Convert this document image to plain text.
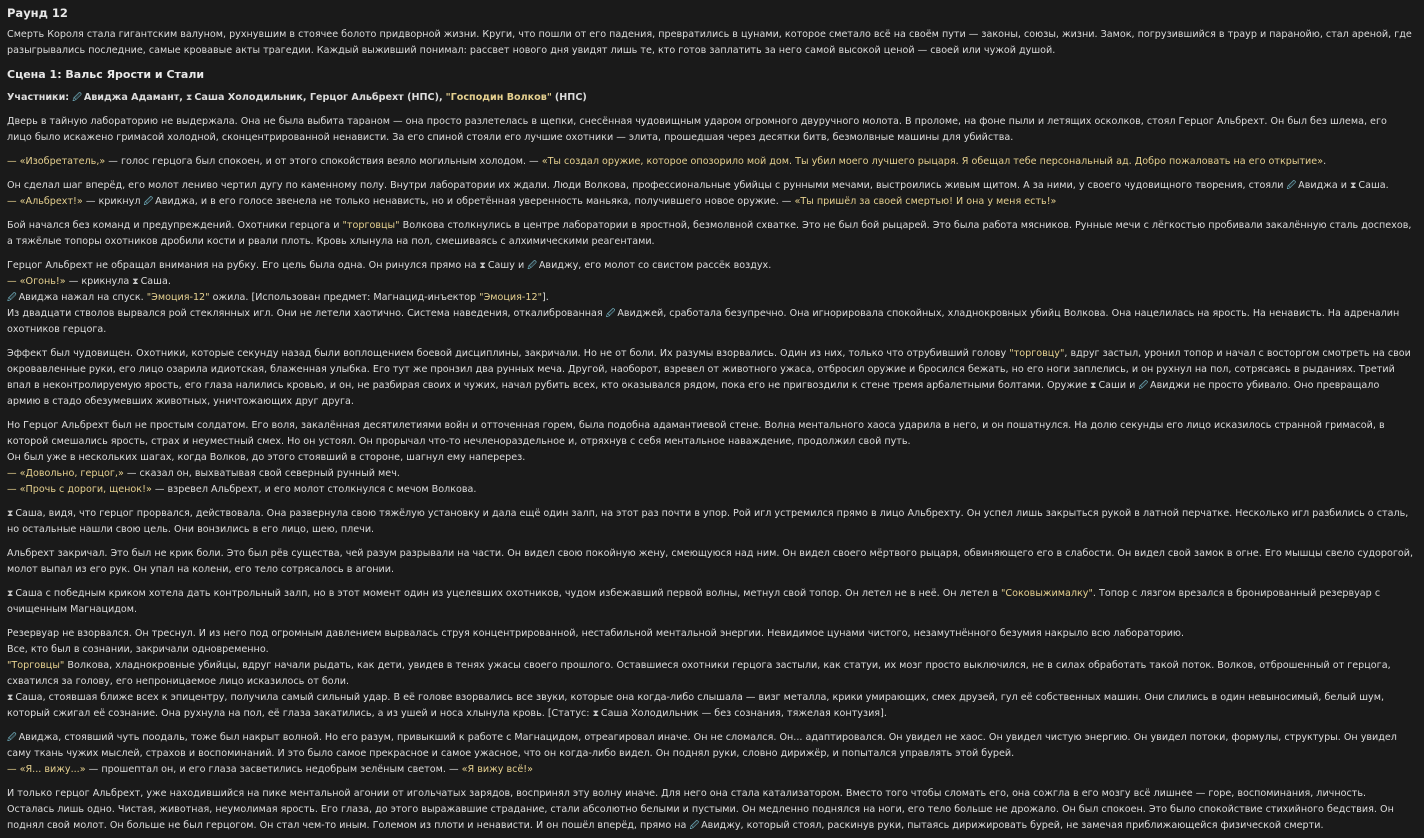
Раунд 12

Смерть Короля стала гигантским валуном, рухнувшим в стоячее болото придворной жизни. Круги, что пошли от его падения, превратились в цунами, которое сметало всё на своём пути — законы, союзы, жизни. Замок, погрузившийся в траур и паранойю, стал ареной, где разыгрывались последние, самые кровавые акты трагедии. Каждый выживший понимал: рассвет нового дня увидят лишь те, кто готов заплатить за него самой высокой ценой — своей или чужой душой.

Сцена 1: Вальс Ярости и Стали

Участники: 🖉 Авиджа Адамант, ⧗ Саша Холодильник, Герцог Альбрехт (НПС), "Господин Волков" (НПС)

Дверь в тайную лабораторию не выдержала. Она не была выбита тараном — она просто разлетелась в щепки, снесённая чудовищным ударом огромного двуручного молота. В проломе, на фоне пыли и летящих осколков, стоял Герцог Альбрехт. Он был без шлема, его лицо было искажено гримасой холодной, сконцентрированной ненависти. За его спиной стояли его лучшие охотники — элита, прошедшая через десятки битв, безмолвные машины для убийства.

— «Изобретатель,» — голос герцога был спокоен, и от этого спокойствия веяло могильным холодом. — «Ты создал оружие, которое опозорило мой дом. Ты убил моего лучшего рыцаря. Я обещал тебе персональный ад. Добро пожаловать на его открытие».

Он сделал шаг вперёд, его молот лениво чертил дугу по каменному полу. Внутри лаборатории их ждали. Люди Волкова, профессиональные убийцы с рунными мечами, выстроились живым щитом. А за ними, у своего чудовищного творения, стояли 🖉 Авиджа и ⧗ Саша.
— «Альбрехт!» — крикнул 🖉 Авиджа, и в его голосе звенела не только ненависть, но и обретённая уверенность маньяка, получившего новое оружие. — «Ты пришёл за своей смертью! И она у меня есть!»

Бой начался без команд и предупреждений. Охотники герцога и "торговцы" Волкова столкнулись в центре лаборатории в яростной, безмолвной схватке. Это не был бой рыцарей. Это была работа мясников. Рунные мечи с лёгкостью пробивали закалённую сталь доспехов, а тяжёлые топоры охотников дробили кости и рвали плоть. Кровь хлынула на пол, смешиваясь с алхимическими реагентами.

Герцог Альбрехт не обращал внимания на рубку. Его цель была одна. Он ринулся прямо на ⧗ Сашу и 🖉 Авиджу, его молот со свистом рассёк воздух.
— «Огонь!» — крикнула ⧗ Саша.
🖉 Авиджа нажал на спуск. "Эмоция-12" ожила. [Использован предмет: Магнацид-инъектор "Эмоция-12"].
Из двадцати стволов вырвался рой стеклянных игл. Они не летели хаотично. Система наведения, откалиброванная 🖉 Авиджей, сработала безупречно. Она игнорировала спокойных, хладнокровных убийц Волкова. Она нацелилась на ярость. На ненависть. На адреналин охотников герцога.

Эффект был чудовищен. Охотники, которые секунду назад были воплощением боевой дисциплины, закричали. Но не от боли. Их разумы взорвались. Один из них, только что отрубивший голову "торговцу", вдруг застыл, уронил топор и начал с восторгом смотреть на свои окровавленные руки, его лицо озарила идиотская, блаженная улыбка. Его тут же пронзил два рунных меча. Другой, наоборот, взревел от животного ужаса, отбросил оружие и бросился бежать, но его ноги заплелись, и он рухнул на пол, сотрясаясь в рыданиях. Третий впал в неконтролируемую ярость, его глаза налились кровью, и он, не разбирая своих и чужих, начал рубить всех, кто оказывался рядом, пока его не пригвоздили к стене тремя арбалетными болтами. Оружие ⧗ Саши и 🖉 Авиджи не просто убивало. Оно превращало армию в стадо обезумевших животных, уничтожающих друг друга.

Но Герцог Альбрехт был не простым солдатом. Его воля, закалённая десятилетиями войн и отточенная горем, была подобна адамантиевой стене. Волна ментального хаоса ударила в него, и он пошатнулся. На долю секунды его лицо исказилось странной гримасой, в которой смешались ярость, страх и неуместный смех. Но он устоял. Он прорычал что-то нечленораздельное и, отряхнув с себя ментальное наваждение, продолжил свой путь.
Он был уже в нескольких шагах, когда Волков, до этого стоявший в стороне, шагнул ему наперерез.
— «Довольно, герцог,» — сказал он, выхватывая свой северный рунный меч.
— «Прочь с дороги, щенок!» — взревел Альбрехт, и его молот столкнулся с мечом Волкова.

⧗ Саша, видя, что герцог прорвался, действовала. Она развернула свою тяжёлую установку и дала ещё один залп, на этот раз почти в упор. Рой игл устремился прямо в лицо Альбрехту. Он успел лишь закрыться рукой в латной перчатке. Несколько игл разбились о сталь, но остальные нашли свою цель. Они вонзились в его лицо, шею, плечи.

Альбрехт закричал. Это был не крик боли. Это был рёв существа, чей разум разрывали на части. Он видел свою покойную жену, смеющуюся над ним. Он видел своего мёртвого рыцаря, обвиняющего его в слабости. Он видел свой замок в огне. Его мышцы свело судорогой, молот выпал из его рук. Он упал на колени, его тело сотрясалось в агонии.

⧗ Саша с победным криком хотела дать контрольный залп, но в этот момент один из уцелевших охотников, чудом избежавший первой волны, метнул свой топор. Он летел не в неё. Он летел в "Соковыжималку". Топор с лязгом врезался в бронированный резервуар с очищенным Магнацидом.

Резервуар не взорвался. Он треснул. И из него под огромным давлением вырвалась струя концентрированной, нестабильной ментальной энергии. Невидимое цунами чистого, незамутнённого безумия накрыло всю лабораторию.
Все, кто был в сознании, закричали одновременно.
"Торговцы" Волкова, хладнокровные убийцы, вдруг начали рыдать, как дети, увидев в тенях ужасы своего прошлого. Оставшиеся охотники герцога застыли, как статуи, их мозг просто выключился, не в силах обработать такой поток. Волков, отброшенный от герцога, схватился за голову, его непроницаемое лицо исказилось от боли.
⧗ Саша, стоявшая ближе всех к эпицентру, получила самый сильный удар. В её голове взорвались все звуки, которые она когда-либо слышала — визг металла, крики умирающих, смех друзей, гул её собственных машин. Они слились в один невыносимый, белый шум, который сжигал её сознание. Она рухнула на пол, её глаза закатились, а из ушей и носа хлынула кровь. [Статус: ⧗ Саша Холодильник — без сознания, тяжелая контузия].

🖉 Авиджа, стоявший чуть поодаль, тоже был накрыт волной. Но его разум, привыкший к работе с Магнацидом, отреагировал иначе. Он не сломался. Он... адаптировался. Он увидел не хаос. Он увидел чистую энергию. Он увидел потоки, формулы, структуры. Он увидел саму ткань чужих мыслей, страхов и воспоминаний. И это было самое прекрасное и самое ужасное, что он когда-либо видел. Он поднял руки, словно дирижёр, и попытался управлять этой бурей.
— «Я... вижу...» — прошептал он, и его глаза засветились недобрым зелёным светом. — «Я вижу всё!»

И только герцог Альбрехт, уже находившийся на пике ментальной агонии от игольчатых зарядов, воспринял эту волну иначе. Для него она стала катализатором. Вместо того чтобы сломать его, она сожгла в его мозгу всё лишнее — горе, воспоминания, личность. Осталась лишь одно. Чистая, животная, неумолимая ярость. Его глаза, до этого выражавшие страдание, стали абсолютно белыми и пустыми. Он медленно поднялся на ноги, его тело больше не дрожало. Он был спокоен. Это было спокойствие стихийного бедствия. Он поднял свой молот. Он больше не был герцогом. Он стал чем-то иным. Големом из плоти и ненависти. И он пошёл вперёд, прямо на 🖉 Авиджу, который стоял, раскинув руки, пытаясь дирижировать бурей, не замечая приближающейся физической смерти.
